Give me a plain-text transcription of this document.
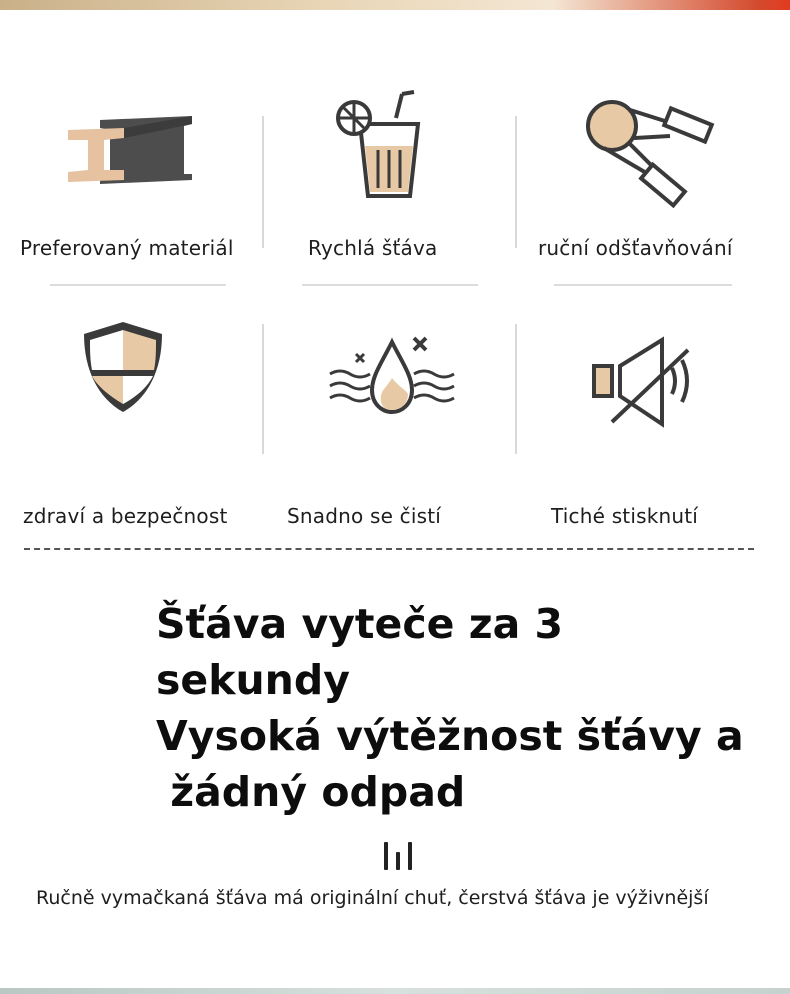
Preferovaný materiál	Rychlá šťáva	ruční odšťavňování
zdraví a bezpečnost	Snadno se čistí	Tiché stisknutí
Šťáva vyteče za 3
sekundy
Vysoká výtěžnost šťávy a
žádný odpad
Ručně vymačkaná šťáva má originální chuť, čerstvá šťáva je výživnější
